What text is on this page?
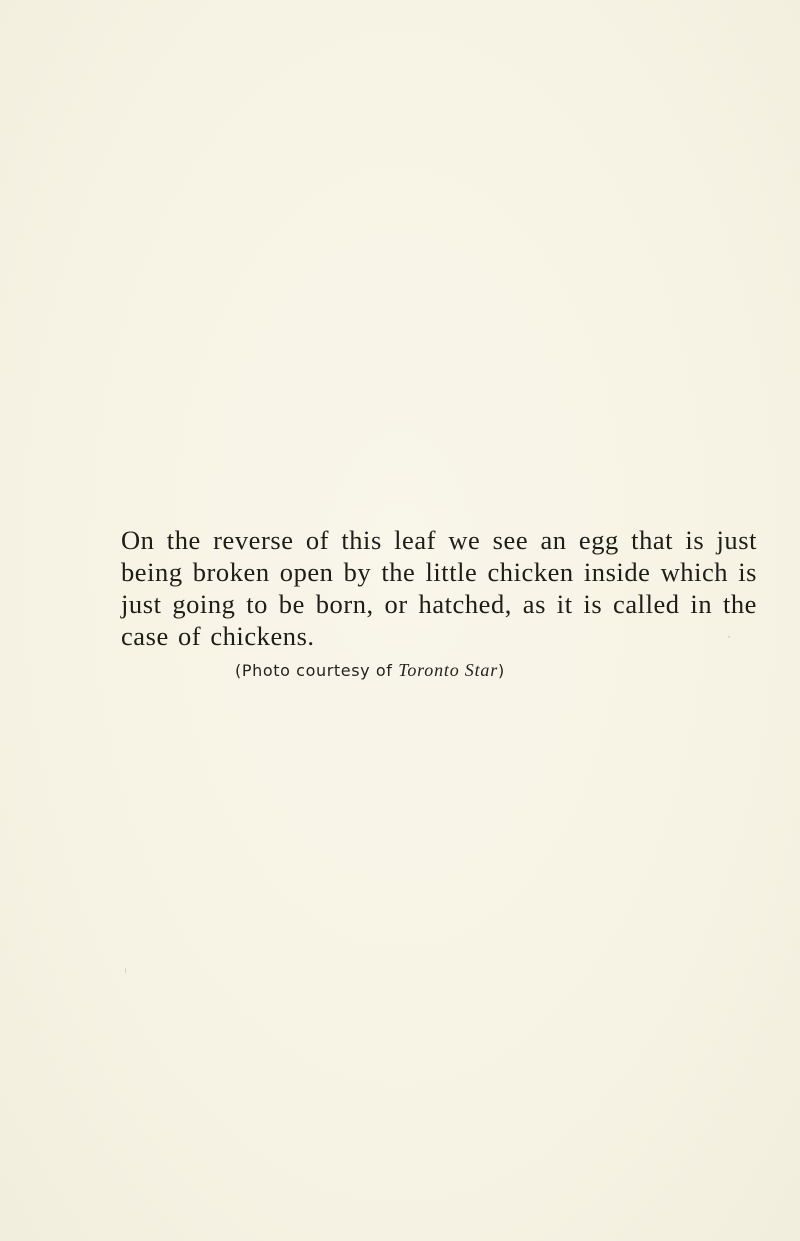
On the reverse of this leaf we see an egg that is just

being broken open by the little chicken inside which is

just going to be born, or hatched, as it is called in the

case of chickens.

(Photo courtesy of Toronto Star)
